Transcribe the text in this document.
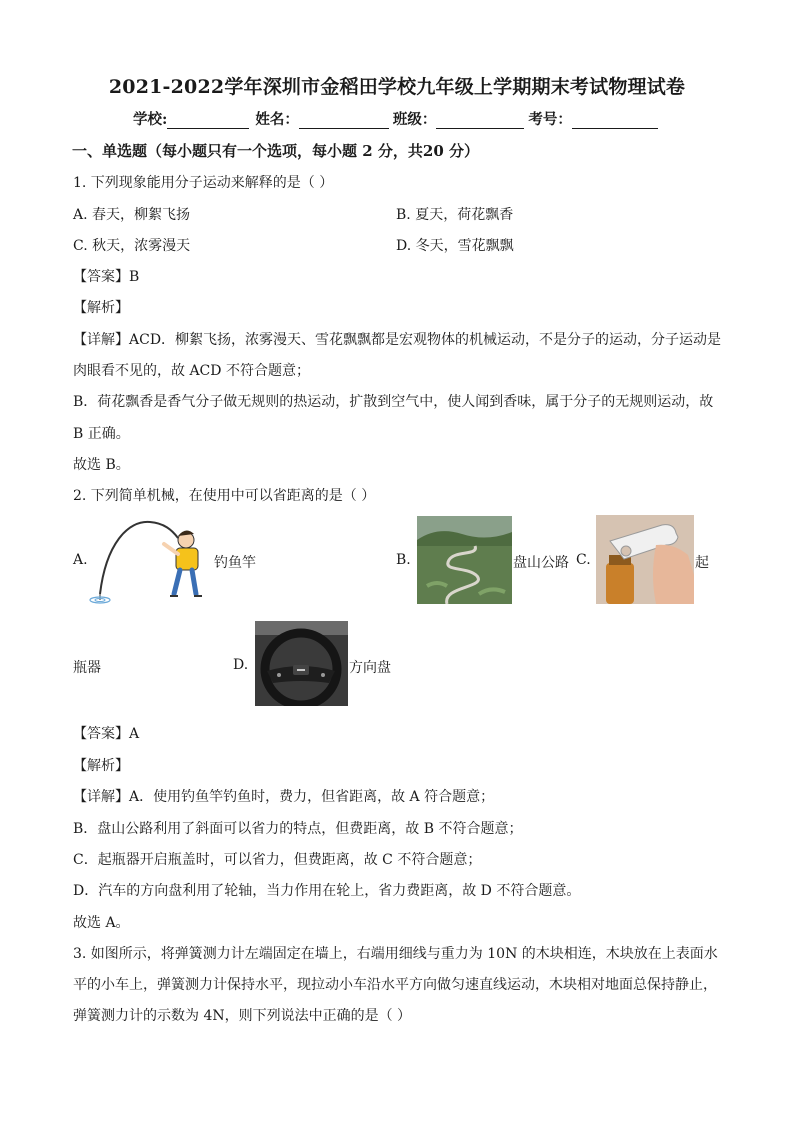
2021-2022学年深圳市金稻田学校九年级上学期期末考试物理试卷
学校:	姓名：	班级：	考号：
一、单选题（每小题只有一个选项，每小题 2 分，共20 分）
1. 下列现象能用分子运动来解释的是（ ）
A. 春天，柳絮飞扬	B. 夏天，荷花飘香
C. 秋天，浓雾漫天	D. 冬天，雪花飘飘
【答案】B
【解析】
【详解】ACD．柳絮飞扬，浓雾漫天、雪花飘飘都是宏观物体的机械运动，不是分子的运动，分子运动是
肉眼看不见的，故 ACD 不符合题意；
B．荷花飘香是香气分子做无规则的热运动，扩散到空气中，使人闻到香味，属于分子的无规则运动，故
B 正确。
故选 B。
2. 下列简单机械，在使用中可以省距离的是（ ）
A.	钓鱼竿	B.	盘山公路 C.	起
瓶器	D.	方向盘
【答案】A
【解析】
【详解】A．使用钓鱼竿钓鱼时，费力，但省距离，故 A 符合题意；
B．盘山公路利用了斜面可以省力的特点，但费距离，故 B 不符合题意；
C．起瓶器开启瓶盖时，可以省力，但费距离，故 C 不符合题意；
D．汽车的方向盘利用了轮轴，当力作用在轮上，省力费距离，故 D 不符合题意。
故选 A。
3. 如图所示，将弹簧测力计左端固定在墙上，右端用细线与重力为 10N 的木块相连，木块放在上表面水
平的小车上，弹簧测力计保持水平，现拉动小车沿水平方向做匀速直线运动，木块相对地面总保持静止，
弹簧测力计的示数为 4N，则下列说法中正确的是（ ）
